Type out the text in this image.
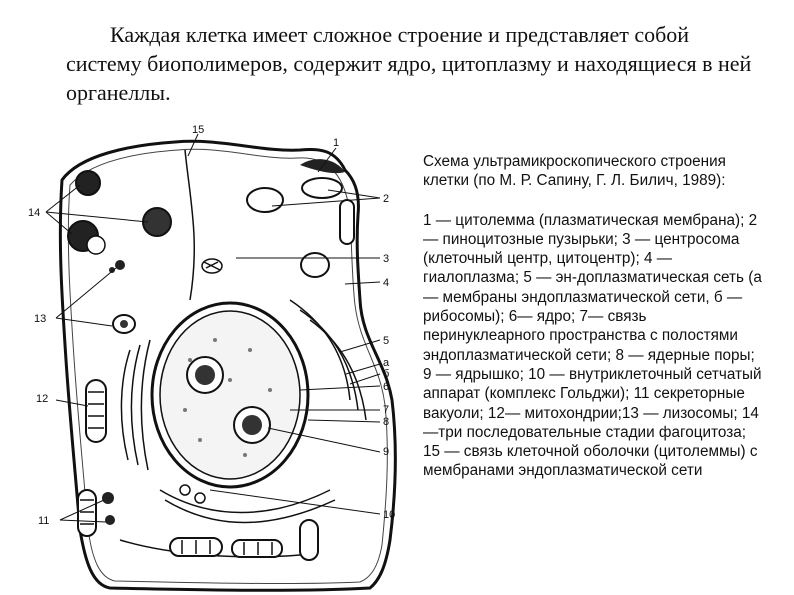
Каждая клетка имеет сложное строение и представляет собой систему биополимеров, содержит ядро, цитоплазму и находящиеся в ней органеллы.
1
2
3
4
5
а
б
6
7
8
9
10
11
12
13
14
15

Схема ультрамикроскопического строения клетки (по М. Р. Сапину, Г. Л. Билич, 1989):

1 — цитолемма (плазматическая мембрана); 2 — пиноцитозные пузырьки; 3 — центросома (клеточный центр, цитоцентр); 4 — гиалоплазма; 5 — эн-доплазматическая сеть (а — мембраны эндоплазматической сети, б — рибосомы); 6— ядро; 7— связь перинуклеарного пространства с полостями эндоплазматической сети; 8 — ядерные поры; 9 — ядрышко; 10 — внутриклеточный сетчатый аппарат (комплекс Гольджи); 11 секреторные вакуоли; 12— митохондрии;13 — лизосомы; 14—три последовательные стадии фагоцитоза; 15 — связь клеточной оболочки (цитолеммы) с мембранами эндоплазматической сети
